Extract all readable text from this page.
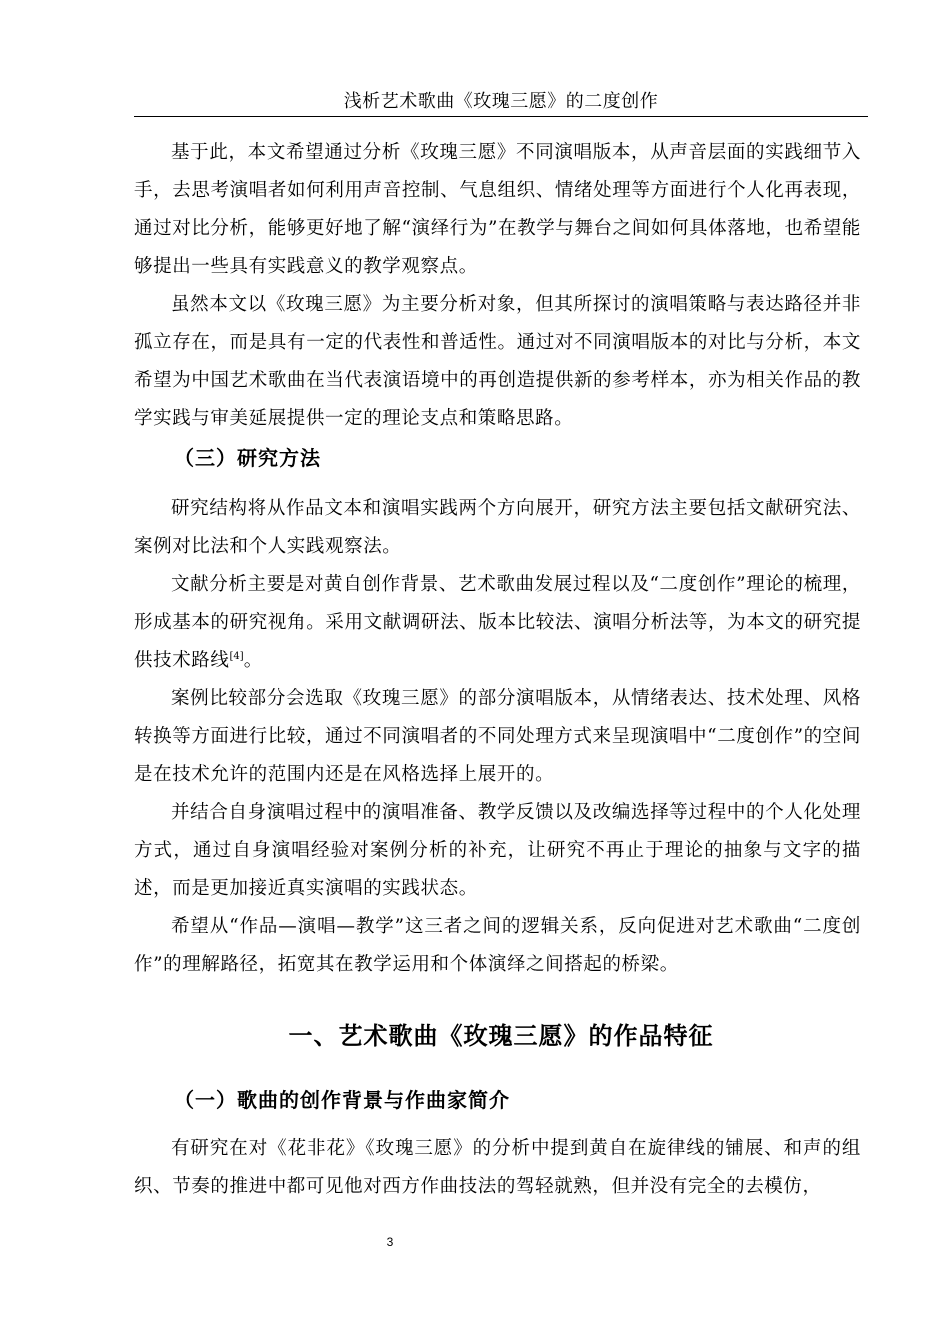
浅析艺术歌曲《玫瑰三愿》的二度创作

基于此，本文希望通过分析《玫瑰三愿》不同演唱版本，从声音层面的实践细节入手，去思考演唱者如何利用声音控制、气息组织、情绪处理等方面进行个人化再表现，通过对比分析，能够更好地了解“演绎行为”在教学与舞台之间如何具体落地，也希望能够提出一些具有实践意义的教学观察点。

虽然本文以《玫瑰三愿》为主要分析对象，但其所探讨的演唱策略与表达路径并非孤立存在，而是具有一定的代表性和普适性。通过对不同演唱版本的对比与分析，本文希望为中国艺术歌曲在当代表演语境中的再创造提供新的参考样本，亦为相关作品的教学实践与审美延展提供一定的理论支点和策略思路。

（三）研究方法

研究结构将从作品文本和演唱实践两个方向展开，研究方法主要包括文献研究法、案例对比法和个人实践观察法。

文献分析主要是对黄自创作背景、艺术歌曲发展过程以及“二度创作”理论的梳理，形成基本的研究视角。采用文献调研法、版本比较法、演唱分析法等，为本文的研究提供技术路线[4]。

案例比较部分会选取《玫瑰三愿》的部分演唱版本，从情绪表达、技术处理、风格转换等方面进行比较，通过不同演唱者的不同处理方式来呈现演唱中“二度创作”的空间是在技术允许的范围内还是在风格选择上展开的。

并结合自身演唱过程中的演唱准备、教学反馈以及改编选择等过程中的个人化处理方式，通过自身演唱经验对案例分析的补充，让研究不再止于理论的抽象与文字的描述，而是更加接近真实演唱的实践状态。

希望从“作品—演唱—教学”这三者之间的逻辑关系，反向促进对艺术歌曲“二度创作”的理解路径，拓宽其在教学运用和个体演绎之间搭起的桥梁。

一、艺术歌曲《玫瑰三愿》的作品特征
（一）歌曲的创作背景与作曲家简介

有研究在对《花非花》《玫瑰三愿》的分析中提到黄自在旋律线的铺展、和声的组织、节奏的推进中都可见他对西方作曲技法的驾轻就熟，但并没有完全的去模仿，

3
